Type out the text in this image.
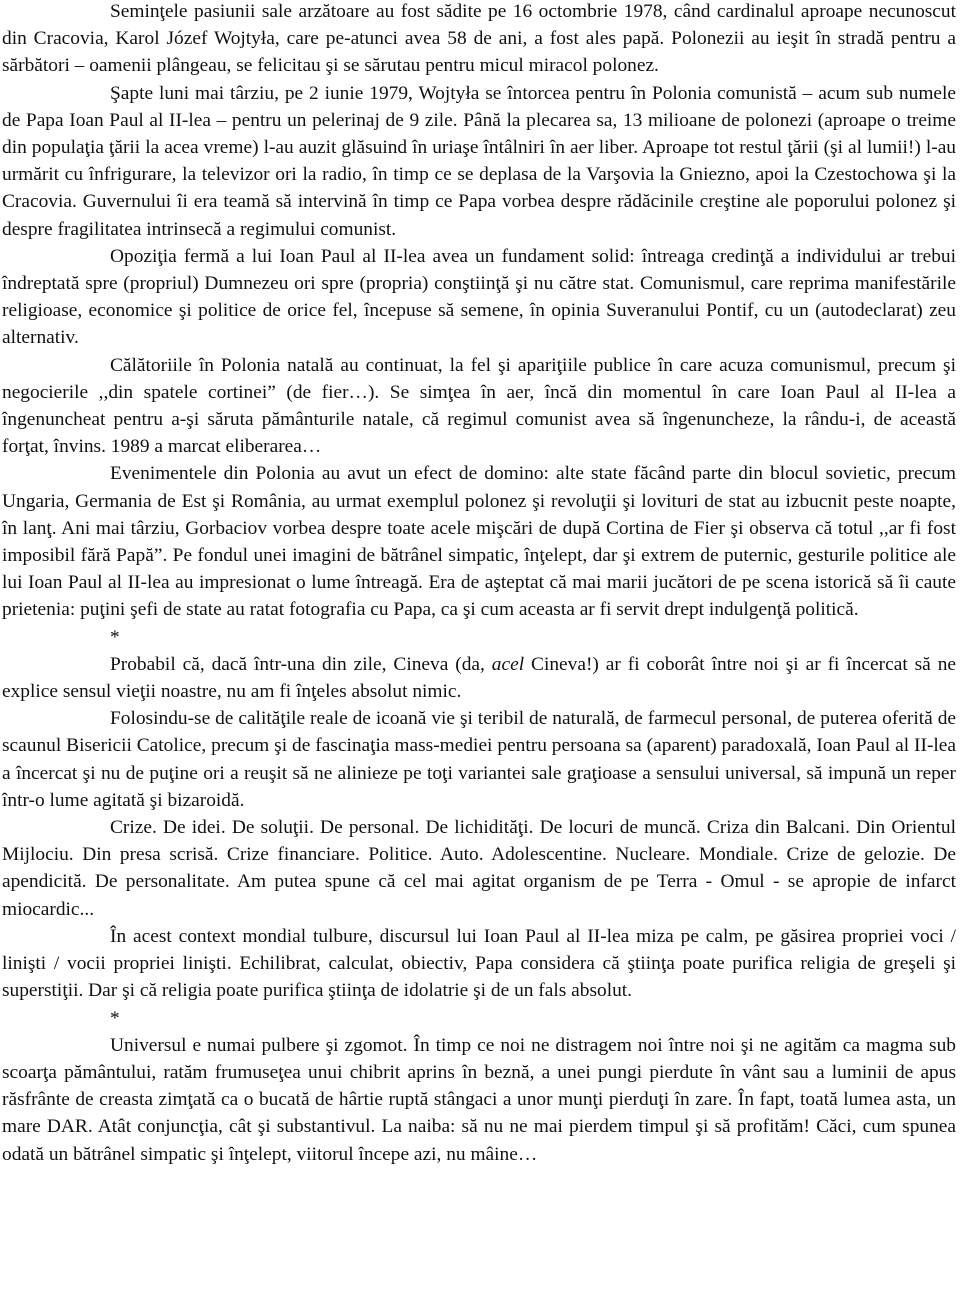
Seminţele pasiunii sale arzătoare au fost sădite pe 16 octombrie 1978, când cardinalul aproape necunoscut din Cracovia, Karol Józef Wojtyła, care pe-atunci avea 58 de ani, a fost ales papă. Polonezii au ieşit în stradă pentru a sărbători – oamenii plângeau, se felicitau şi se sărutau pentru micul miracol polonez.

Şapte luni mai târziu, pe 2 iunie 1979, Wojtyła se întorcea pentru în Polonia comunistă – acum sub numele de Papa Ioan Paul al II-lea – pentru un pelerinaj de 9 zile. Până la plecarea sa, 13 milioane de polonezi (aproape o treime din populaţia ţării la acea vreme) l-au auzit glăsuind în uriaşe întâlniri în aer liber. Aproape tot restul ţării (şi al lumii!) l-au urmărit cu înfrigurare, la televizor ori la radio, în timp ce se deplasa de la Varşovia la Gniezno, apoi la Czestochowa şi la Cracovia. Guvernului îi era teamă să intervină în timp ce Papa vorbea despre rădăcinile creştine ale poporului polonez şi despre fragilitatea intrinsecă a regimului comunist.

Opoziţia fermă a lui Ioan Paul al II-lea avea un fundament solid: întreaga credinţă a individului ar trebui îndreptată spre (propriul) Dumnezeu ori spre (propria) conştiinţă şi nu către stat. Comunismul, care reprima manifestările religioase, economice şi politice de orice fel, începuse să semene, în opinia Suveranului Pontif, cu un (autodeclarat) zeu alternativ.

Călătoriile în Polonia natală au continuat, la fel şi apariţiile publice în care acuza comunismul, precum şi negocierile ,,din spatele cortinei” (de fier…). Se simţea în aer, încă din momentul în care Ioan Paul al II-lea a îngenuncheat pentru a-şi săruta pământurile natale, că regimul comunist avea să îngenuncheze, la rându-i, de această forţat, învins. 1989 a marcat eliberarea…

Evenimentele din Polonia au avut un efect de domino: alte state făcând parte din blocul sovietic, precum Ungaria, Germania de Est şi România, au urmat exemplul polonez şi revoluţii şi lovituri de stat au izbucnit peste noapte, în lanţ. Ani mai târziu, Gorbaciov vorbea despre toate acele mişcări de după Cortina de Fier şi observa că totul ,,ar fi fost imposibil fără Papă”. Pe fondul unei imagini de bătrânel simpatic, înţelept, dar şi extrem de puternic, gesturile politice ale lui Ioan Paul al II-lea au impresionat o lume întreagă. Era de aşteptat că mai marii jucători de pe scena istorică să îi caute prietenia: puţini şefi de state au ratat fotografia cu Papa, ca şi cum aceasta ar fi servit drept indulgenţă politică.

*

Probabil că, dacă într-una din zile, Cineva (da, acel Cineva!) ar fi coborât între noi şi ar fi încercat să ne explice sensul vieţii noastre, nu am fi înţeles absolut nimic.

Folosindu-se de calităţile reale de icoană vie şi teribil de naturală, de farmecul personal, de puterea oferită de scaunul Bisericii Catolice, precum şi de fascinaţia mass-mediei pentru persoana sa (aparent) paradoxală, Ioan Paul al II-lea a încercat şi nu de puţine ori a reuşit să ne alinieze pe toţi variantei sale graţioase a sensului universal, să impună un reper într-o lume agitată şi bizaroidă.

Crize. De idei. De soluţii. De personal. De lichidităţi. De locuri de muncă. Criza din Balcani. Din Orientul Mijlociu. Din presa scrisă. Crize financiare. Politice. Auto. Adolescentine. Nucleare. Mondiale. Crize de gelozie. De apendicită. De personalitate. Am putea spune că cel mai agitat organism de pe Terra - Omul - se apropie de infarct miocardic...

În acest context mondial tulbure, discursul lui Ioan Paul al II-lea miza pe calm, pe găsirea propriei voci / linişti / vocii propriei linişti. Echilibrat, calculat, obiectiv, Papa considera că ştiinţa poate purifica religia de greşeli şi superstiţii. Dar şi că religia poate purifica ştiinţa de idolatrie şi de un fals absolut.

*

Universul e numai pulbere şi zgomot. În timp ce noi ne distragem noi între noi şi ne agităm ca magma sub scoarţa pământului, ratăm frumuseţea unui chibrit aprins în beznă, a unei pungi pierdute în vânt sau a luminii de apus răsfrânte de creasta zimţată ca o bucată de hârtie ruptă stângaci a unor munţi pierduţi în zare. În fapt, toată lumea asta, un mare DAR. Atât conjuncţia, cât şi substantivul. La naiba: să nu ne mai pierdem timpul şi să profităm! Căci, cum spunea odată un bătrânel simpatic şi înţelept, viitorul începe azi, nu mâine…
